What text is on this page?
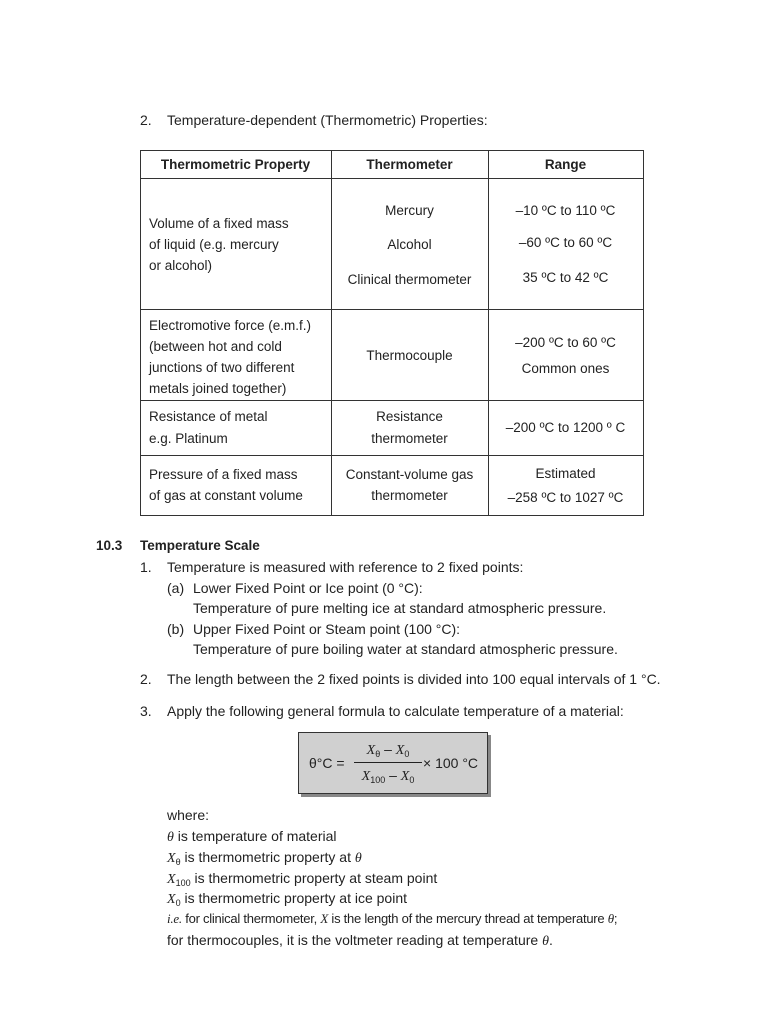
2. Temperature-dependent (Thermometric) Properties:
Thermometric Property	Thermometer	Range
Volume of a fixed mass
of liquid (e.g. mercury
or alcohol)
Mercury
Alcohol
Clinical thermometer
–10 ºC to 110 ºC
–60 ºC to 60 ºC
35 ºC to 42 ºC
Electromotive force (e.m.f.)
(between hot and cold
junctions of two different
metals joined together)
Thermocouple
–200 ºC to 60 ºC
Common ones
Resistance of metal
e.g. Platinum
Resistance
thermometer
–200 ºC to 1200 º C
Pressure of a fixed mass
of gas at constant volume
Constant-volume gas
thermometer
Estimated
–258 ºC to 1027 ºC
10.3 Temperature Scale
1. Temperature is measured with reference to 2 fixed points:
(a) Lower Fixed Point or Ice point (0 °C):
Temperature of pure melting ice at standard atmospheric pressure.
(b) Upper Fixed Point or Steam point (100 °C):
Temperature of pure boiling water at standard atmospheric pressure.
2. The length between the 2 fixed points is divided into 100 equal intervals of 1 °C.
3. Apply the following general formula to calculate temperature of a material:
θ°C =
$X_\theta - X_0$
$X_{100} - X_0$
× 100 °C
where:
θ is temperature of material
$X_\theta$ is thermometric property at θ
$X_{100}$ is thermometric property at steam point
$X_0$ is thermometric property at ice point
i.e. for clinical thermometer, X is the length of the mercury thread at temperature θ;
for thermocouples, it is the voltmeter reading at temperature θ.
